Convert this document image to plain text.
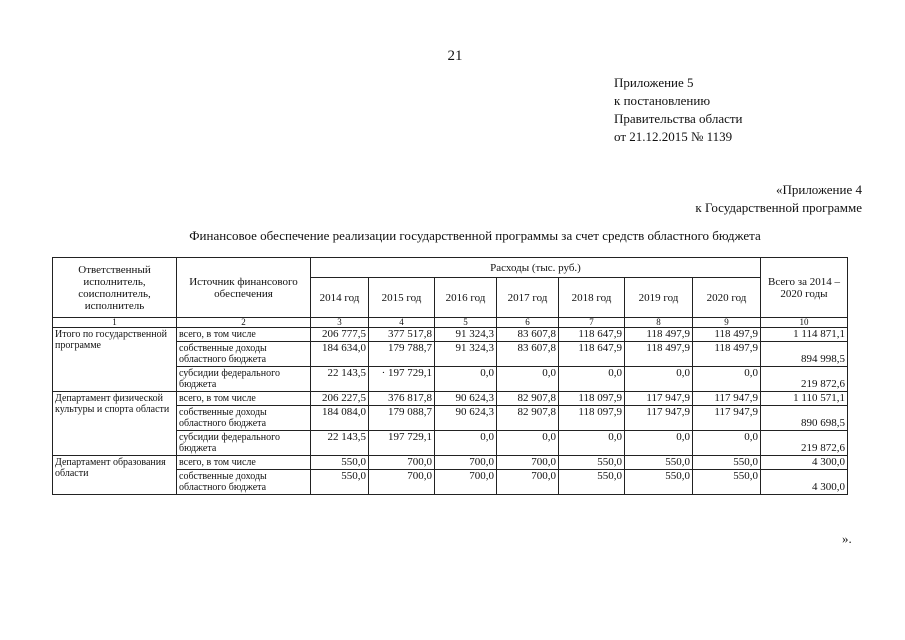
21
Приложение 5
к постановлению
Правительства области
от 21.12.2015 № 1139
«Приложение 4
к Государственной программе
Финансовое обеспечение реализации государственной программы за счет средств областного бюджета
Ответственный исполнитель, соисполнитель, исполнитель	Источник финансового обеспечения	Расходы (тыс. руб.)							Всего за 2014 – 2020 годы
		2014 год	2015 год	2016 год	2017 год	2018 год	2019 год	2020 год	
1	2	3	4	5	6	7	8	9	10
Итого по государственной программе	всего, в том числе	206 777,5	377 517,8	91 324,3	83 607,8	118 647,9	118 497,9	118 497,9	1 114 871,1
	собственные доходы областного бюджета	184 634,0	179 788,7	91 324,3	83 607,8	118 647,9	118 497,9	118 497,9	894 998,5
	субсидии федерального бюджета	22 143,5	· 197 729,1	0,0	0,0	0,0	0,0	0,0	219 872,6
Департамент физической культуры и спорта области	всего, в том числе	206 227,5	376 817,8	90 624,3	82 907,8	118 097,9	117 947,9	117 947,9	1 110 571,1
	собственные доходы областного бюджета	184 084,0	179 088,7	90 624,3	82 907,8	118 097,9	117 947,9	117 947,9	890 698,5
	субсидии федерального бюджета	22 143,5	197 729,1	0,0	0,0	0,0	0,0	0,0	219 872,6
Департамент образования области	всего, в том числе	550,0	700,0	700,0	700,0	550,0	550,0	550,0	4 300,0
	собственные доходы областного бюджета	550,0	700,0	700,0	700,0	550,0	550,0	550,0	4 300,0
».
